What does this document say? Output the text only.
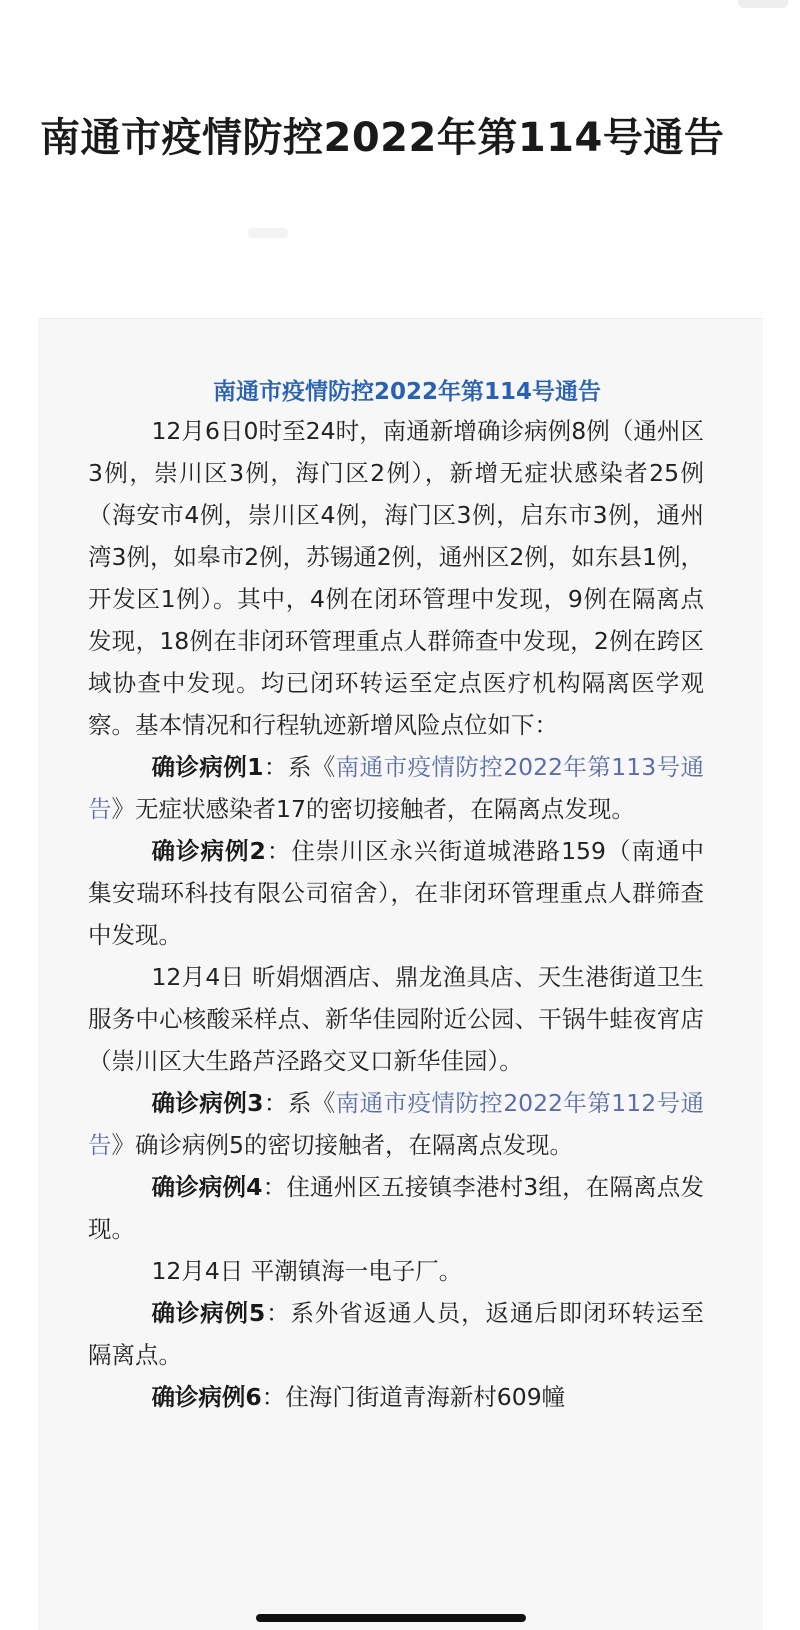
南通市疫情防控2022年第114号通告
南通市疫情防控2022年第114号通告

12月6日0时至24时，南通新增确诊病例8例（通州区3例，崇川区3例，海门区2例），新增无症状感染者25例（海安市4例，崇川区4例，海门区3例，启东市3例，通州湾3例，如皋市2例，苏锡通2例，通州区2例，如东县1例，开发区1例）。其中，4例在闭环管理中发现，9例在隔离点发现，18例在非闭环管理重点人群筛查中发现，2例在跨区域协查中发现。均已闭环转运至定点医疗机构隔离医学观察。基本情况和行程轨迹新增风险点位如下：

确诊病例1：系《南通市疫情防控2022年第113号通告》无症状感染者17的密切接触者，在隔离点发现。

确诊病例2：住崇川区永兴街道城港路159（南通中集安瑞环科技有限公司宿舍），在非闭环管理重点人群筛查中发现。

12月4日 昕娟烟酒店、鼎龙渔具店、天生港街道卫生服务中心核酸采样点、新华佳园附近公园、干锅牛蛙夜宵店（崇川区大生路芦泾路交叉口新华佳园）。

确诊病例3：系《南通市疫情防控2022年第112号通告》确诊病例5的密切接触者，在隔离点发现。

确诊病例4：住通州区五接镇李港村3组，在隔离点发现。

12月4日 平潮镇海一电子厂。

确诊病例5：系外省返通人员，返通后即闭环转运至隔离点。

确诊病例6：住海门街道青海新村609幢
